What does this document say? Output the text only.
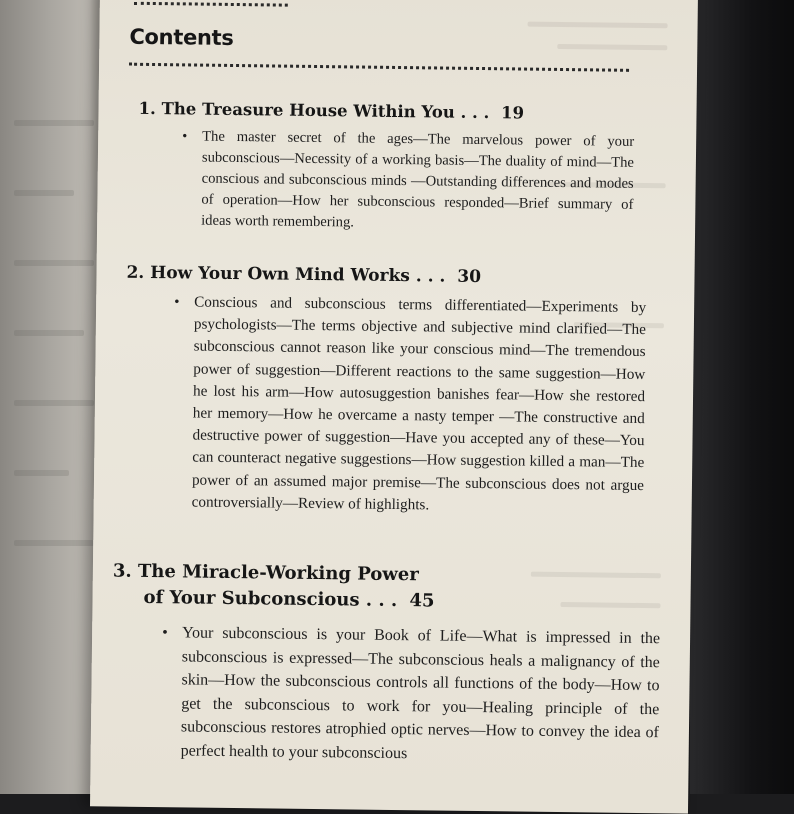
Contents
1. The Treasure House Within You . . . 19
• The master secret of the ages—The marvelous power of your subconscious—Necessity of a working basis—The duality of mind—The conscious and subconscious minds —Outstanding differences and modes of operation—How her subconscious responded—Brief summary of ideas worth remembering.
2. How Your Own Mind Works . . . 30
• Conscious and subconscious terms differentiated—Experiments by psychologists—The terms objective and subjective mind clarified—The subconscious cannot reason like your conscious mind—The tremendous power of suggestion—Different reactions to the same suggestion—How he lost his arm—How autosuggestion banishes fear—How she restored her memory—How he overcame a nasty temper —The constructive and destructive power of suggestion—Have you accepted any of these—You can counteract negative suggestions—How suggestion killed a man—The power of an assumed major premise—The subconscious does not argue controversially—Review of highlights.
3. The Miracle-Working Power
of Your Subconscious . . . 45
• Your subconscious is your Book of Life—What is impressed in the subconscious is expressed—The subconscious heals a malignancy of the skin—How the subconscious controls all functions of the body—How to get the subconscious to work for you—Healing principle of the subconscious restores atrophied optic nerves—How to convey the idea of perfect health to your subconscious
